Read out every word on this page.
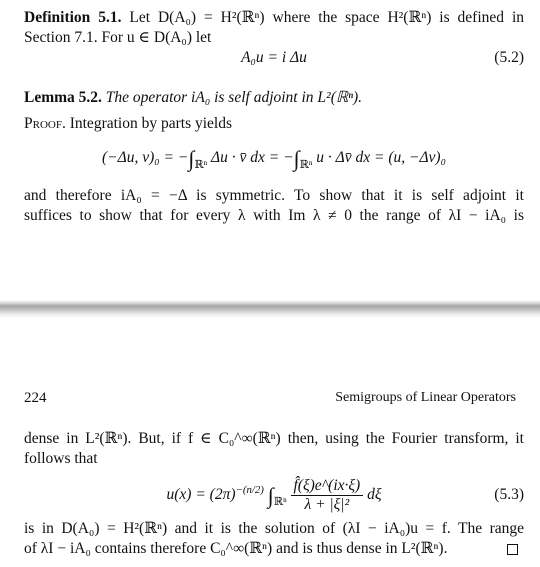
Definition 5.1. Let D(A₀) = H²(ℝⁿ) where the space H²(ℝⁿ) is defined in
Section 7.1. For u ∈ D(A₀) let
A₀u = i Δu	(5.2)
Lemma 5.2. The operator iA₀ is self adjoint in L²(ℝⁿ).
Proof. Integration by parts yields
(−Δu, $v)_0 = -\int_{ℝ^n}$ Δu · v̄ dx = $-\int_{ℝ^n}$ u · Δv̄ dx = (u, −Δv)₀
and therefore iA₀ = −Δ is symmetric. To show that it is self adjoint it
suffices to show that for every λ with Im λ ≠ 0 the range of λI − iA₀ is
224	Semigroups of Linear Operators
dense in L²(ℝⁿ). But, if f ∈ C₀^∞(ℝⁿ) then, using the Fourier transform, it
follows that
$u(x) = (2\pi)^{-(n/2)}$ $\int_{ℝ^n} \frac{f̂(\xi)e\^{}(ix\cdot\xi)}{\text{λ + |ξ|²}}$ dξ	(5.3)
is in D(A₀) = H²(ℝⁿ) and it is the solution of (λI − iA₀)u = f. The range
of λI − iA₀ contains therefore C₀^∞(ℝⁿ) and is thus dense in L²(ℝⁿ).
